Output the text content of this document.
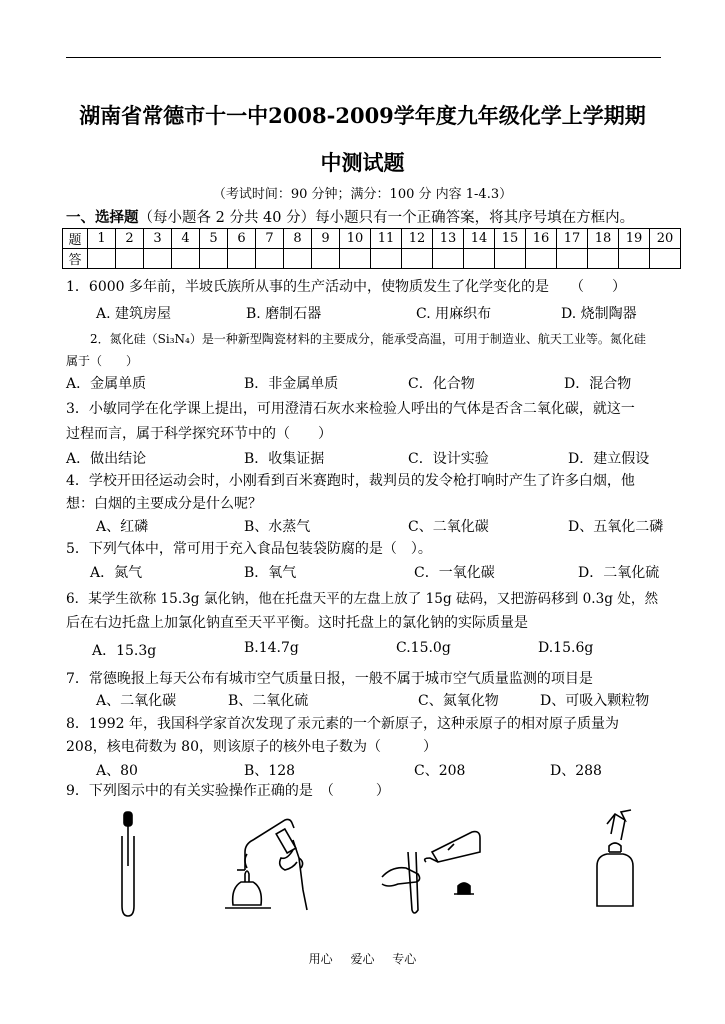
湖南省常德市十一中2008-2009学年度九年级化学上学期期
中测试题
（考试时间：90 分钟；满分：100 分 内容 1-4.3）
一、选择题（每小题各 2 分共 40 分）每小题只有一个正确答案，将其序号填在方框内。
题	1	2	3	4	5	6	7	8	9	10	11	12	13	14	15	16	17	18	19	20
答																				
1．6000 多年前，半坡氏族所从事的生产活动中，使物质发生了化学变化的是　　（　　）
A. 建筑房屋	B. 磨制石器	C. 用麻织布	D. 烧制陶器
2．氮化硅（Si₃N₄）是一种新型陶瓷材料的主要成分，能承受高温，可用于制造业、航天工业等。氮化硅
属于（　　）
A．金属单质	B．非金属单质	C．化合物	D．混合物
3．小敏同学在化学课上提出，可用澄清石灰水来检验人呼出的气体是否含二氧化碳，就这一
过程而言，属于科学探究环节中的（　　）
A．做出结论	B．收集证据	C．设计实验	D．建立假设
4．学校开田径运动会时，小刚看到百米赛跑时，裁判员的发令枪打响时产生了许多白烟，他
想：白烟的主要成分是什么呢？
A、红磷	B、水蒸气	C、二氧化碳	D、五氧化二磷
5．下列气体中，常可用于充入食品包装袋防腐的是（　）。
A．氮气	B．氧气	C．一氧化碳	D．二氧化硫
6．某学生欲称 15.3g 氯化钠，他在托盘天平的左盘上放了 15g 砝码，又把游码移到 0.3g 处，然
后在右边托盘上加氯化钠直至天平平衡。这时托盘上的氯化钠的实际质量是
A．15.3g	B.14.7g	C.15.0g	D.15.6g
7．常德晚报上每天公布有城市空气质量日报，一般不属于城市空气质量监测的项目是
A、二氧化碳	B、二氧化硫	C、氮氧化物	D、可吸入颗粒物
8．1992 年，我国科学家首次发现了汞元素的一个新原子，这种汞原子的相对原子质量为
208，核电荷数为 80，则该原子的核外电子数为（　　　）
A、80	B、128	C、208	D、288
9．下列图示中的有关实验操作正确的是　（　　　）
用心 爱心 专心
